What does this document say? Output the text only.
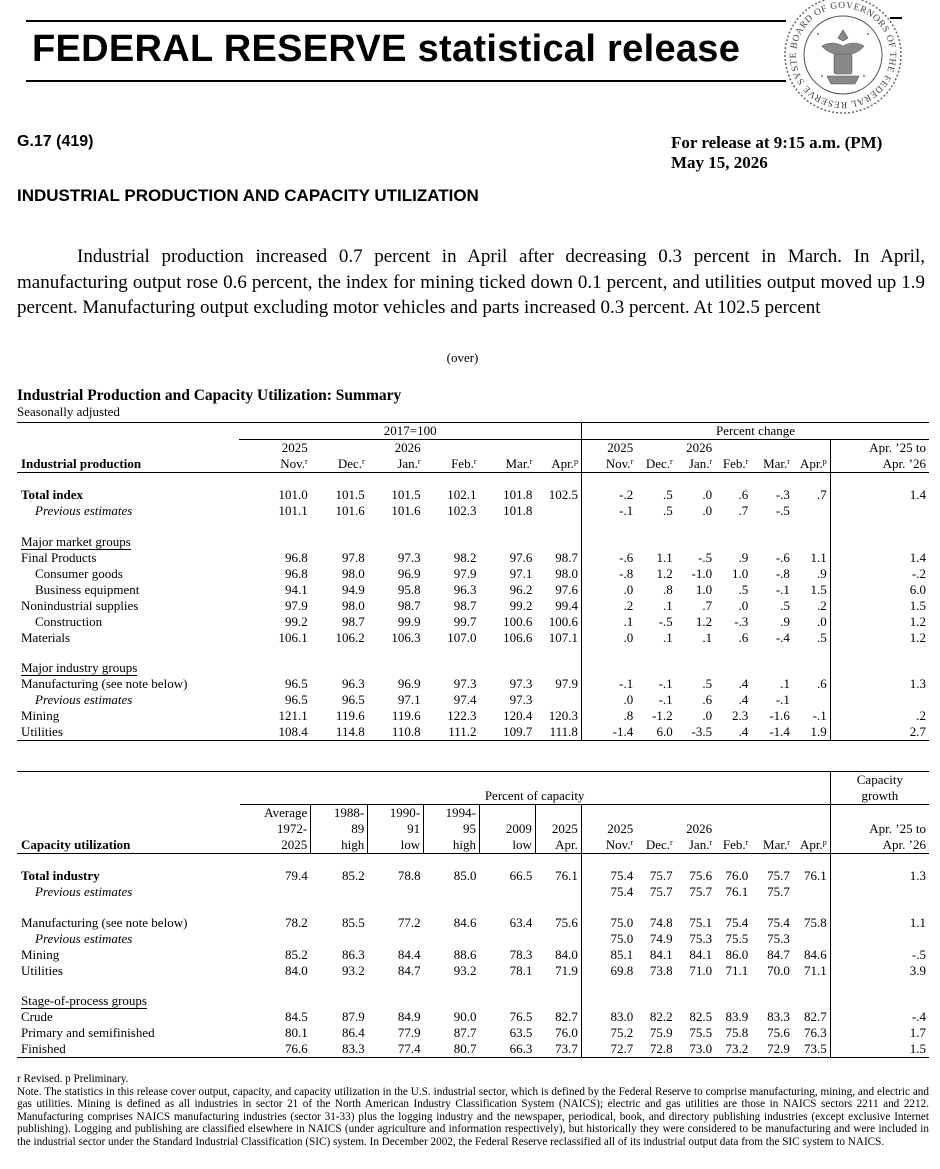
FEDERAL RESERVE statistical release	BOARD OF GOVERNORS OF THE FEDERAL RESERVE SYSTE
G.17 (419)	For release at 9:15 a.m. (PM)
May 15, 2026
INDUSTRIAL PRODUCTION AND CAPACITY UTILIZATION

Industrial production increased 0.7 percent in April after decreasing 0.3 percent in March. In April, manufacturing output rose 0.6 percent, the index for mining ticked down 0.1 percent, and utilities output moved up 1.9 percent. Manufacturing output excluding motor vehicles and parts increased 0.3 percent. At 102.5 percent

(over)
Industrial Production and Capacity Utilization: Summary
Seasonally adjusted
	2017=100						Percent change						
	2025		2026				2025		2026				Apr. ’25 to
Industrial production	Nov.$^r$	Dec.$^r$	Jan.$^r$	Feb.$^r$	Mar.$^r$	Apr.$^p$	Nov.$^r$	Dec.$^r$	Jan.$^r$	Feb.$^r$	Mar.$^r$	Apr.$^p$	Apr. ’26

Total index	101.0	101.5	101.5	102.1	101.8	102.5	-.2	.5	.0	.6	-.3	.7	1.4
Previous estimates	101.1	101.6	101.6	102.3	101.8		-.1	.5	.0	.7	-.5		

Major market groups													
Final Products	96.8	97.8	97.3	98.2	97.6	98.7	-.6	1.1	-.5	.9	-.6	1.1	1.4
Consumer goods	96.8	98.0	96.9	97.9	97.1	98.0	-.8	1.2	-1.0	1.0	-.8	.9	-.2
Business equipment	94.1	94.9	95.8	96.3	96.2	97.6	.0	.8	1.0	.5	-.1	1.5	6.0
Nonindustrial supplies	97.9	98.0	98.7	98.7	99.2	99.4	.2	.1	.7	.0	.5	.2	1.5
Construction	99.2	98.7	99.9	99.7	100.6	100.6	.1	-.5	1.2	-.3	.9	.0	1.2
Materials	106.1	106.2	106.3	107.0	106.6	107.1	.0	.1	.1	.6	-.4	.5	1.2

Major industry groups													
Manufacturing (see note below)	96.5	96.3	96.9	97.3	97.3	97.9	-.1	-.1	.5	.4	.1	.6	1.3
Previous estimates	96.5	96.5	97.1	97.4	97.3		.0	-.1	.6	.4	-.1		
Mining	121.1	119.6	119.6	122.3	120.4	120.3	.8	-1.2	.0	2.3	-1.6	-.1	.2
Utilities	108.4	114.8	110.8	111.2	109.7	111.8	-1.4	6.0	-3.5	.4	-1.4	1.9	2.7
													Capacity
	Percent of capacity												growth
	Average	1988-	1990-	1994-									
	1972-	89	91	95	2009	2025	2025		2026				Apr. ’25 to
Capacity utilization	2025	high	low	high	low	Apr.	Nov.$^r$	Dec.$^r$	Jan.$^r$	Feb.$^r$	Mar.$^r$	Apr.$^p$	Apr. ’26

Total industry	79.4	85.2	78.8	85.0	66.5	76.1	75.4	75.7	75.6	76.0	75.7	76.1	1.3
Previous estimates							75.4	75.7	75.7	76.1	75.7		

Manufacturing (see note below)	78.2	85.5	77.2	84.6	63.4	75.6	75.0	74.8	75.1	75.4	75.4	75.8	1.1
Previous estimates							75.0	74.9	75.3	75.5	75.3		
Mining	85.2	86.3	84.4	88.6	78.3	84.0	85.1	84.1	84.1	86.0	84.7	84.6	-.5
Utilities	84.0	93.2	84.7	93.2	78.1	71.9	69.8	73.8	71.0	71.1	70.0	71.1	3.9

Stage-of-process groups													
Crude	84.5	87.9	84.9	90.0	76.5	82.7	83.0	82.2	82.5	83.9	83.3	82.7	-.4
Primary and semifinished	80.1	86.4	77.9	87.7	63.5	76.0	75.2	75.9	75.5	75.8	75.6	76.3	1.7
Finished	76.6	83.3	77.4	80.7	66.3	73.7	72.7	72.8	73.0	73.2	72.9	73.5	1.5

r Revised. p Preliminary.

Note. The statistics in this release cover output, capacity, and capacity utilization in the U.S. industrial sector, which is defined by the Federal Reserve to comprise manufacturing, mining, and electric and gas utilities. Mining is defined as all industries in sector 21 of the North American Industry Classification System (NAICS); electric and gas utilities are those in NAICS sectors 2211 and 2212. Manufacturing comprises NAICS manufacturing industries (sector 31-33) plus the logging industry and the newspaper, periodical, book, and directory publishing industries (except exclusive Internet publishing). Logging and publishing are classified elsewhere in NAICS (under agriculture and information respectively), but historically they were considered to be manufacturing and were included in the industrial sector under the Standard Industrial Classification (SIC) system. In December 2002, the Federal Reserve reclassified all of its industrial output data from the SIC system to NAICS.
